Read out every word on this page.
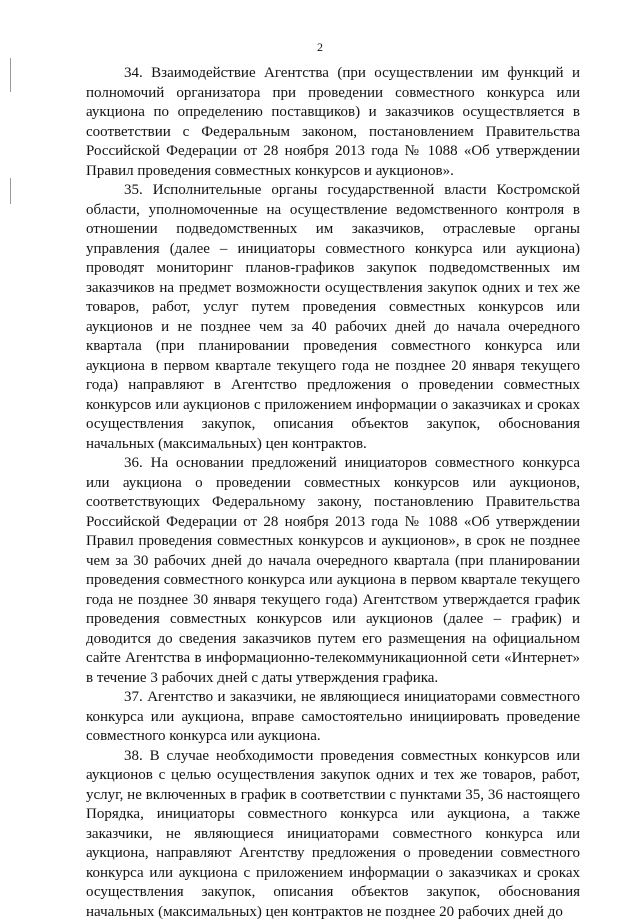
2

34. Взаимодействие Агентства (при осуществлении им функций и полномочий организатора при проведении совместного конкурса или аукциона по определению поставщиков) и заказчиков осуществляется в соответствии с Федеральным законом, постановлением Правительства Российской Федерации от 28 ноября 2013 года № 1088 «Об утверждении Правил проведения совместных конкурсов и аукционов».

35. Исполнительные органы государственной власти Костромской области, уполномоченные на осуществление ведомственного контроля в отношении подведомственных им заказчиков, отраслевые органы управления (далее – инициаторы совместного конкурса или аукциона) проводят мониторинг планов-графиков закупок подведомственных им заказчиков на предмет возможности осуществления закупок одних и тех же товаров, работ, услуг путем проведения совместных конкурсов или аукционов и не позднее чем за 40 рабочих дней до начала очередного квартала (при планировании проведения совместного конкурса или аукциона в первом квартале текущего года не позднее 20 января текущего года) направляют в Агентство предложения о проведении совместных конкурсов или аукционов с приложением информации о заказчиках и сроках осуществления закупок, описания объектов закупок, обоснования начальных (максимальных) цен контрактов.

36. На основании предложений инициаторов совместного конкурса или аукциона о проведении совместных конкурсов или аукционов, соответствующих Федеральному закону, постановлению Правительства Российской Федерации от 28 ноября 2013 года № 1088 «Об утверждении Правил проведения совместных конкурсов и аукционов», в срок не позднее чем за 30 рабочих дней до начала очередного квартала (при планировании проведения совместного конкурса или аукциона в первом квартале текущего года не позднее 30 января текущего года) Агентством утверждается график проведения совместных конкурсов или аукционов (далее – график) и доводится до сведения заказчиков путем его размещения на официальном сайте Агентства в информационно-телекоммуникационной сети «Интернет» в течение 3 рабочих дней с даты утверждения графика.

37. Агентство и заказчики, не являющиеся инициаторами совместного конкурса или аукциона, вправе самостоятельно инициировать проведение совместного конкурса или аукциона.

38. В случае необходимости проведения совместных конкурсов или аукционов с целью осуществления закупок одних и тех же товаров, работ, услуг, не включенных в график в соответствии с пунктами 35, 36 настоящего Порядка, инициаторы совместного конкурса или аукциона, а также заказчики, не являющиеся инициаторами совместного конкурса или аукциона, направляют Агентству предложения о проведении совместного конкурса или аукциона с приложением информации о заказчиках и сроках осуществления закупок, описания объектов закупок, обоснования начальных (максимальных) цен контрактов не позднее 20 рабочих дней до
